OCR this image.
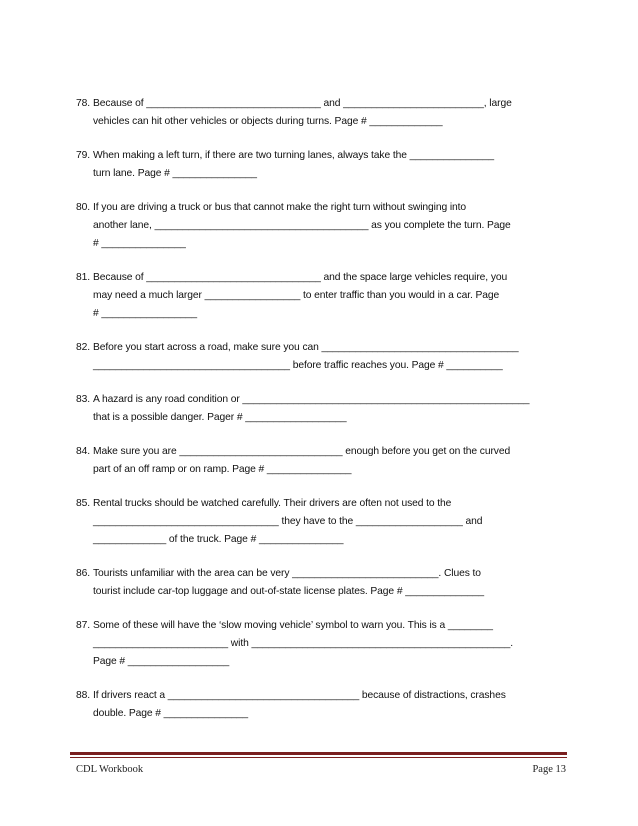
78. Because of _______________________________ and _________________________, large
vehicles can hit other vehicles or objects during turns. Page # _____________
79. When making a left turn, if there are two turning lanes, always take the _______________
turn lane. Page # _______________
80. If you are driving a truck or bus that cannot make the right turn without swinging into
another lane, ______________________________________ as you complete the turn. Page
# _______________
81. Because of _______________________________ and the space large vehicles require, you
may need a much larger _________________ to enter traffic than you would in a car. Page
# _________________
82. Before you start across a road, make sure you can ___________________________________
___________________________________ before traffic reaches you. Page # __________
83. A hazard is any road condition or ___________________________________________________
that is a possible danger. Pager # __________________
84. Make sure you are _____________________________ enough before you get on the curved
part of an off ramp or on ramp. Page # _______________
85. Rental trucks should be watched carefully. Their drivers are often not used to the
_________________________________ they have to the ___________________ and
_____________ of the truck. Page # _______________
86. Tourists unfamiliar with the area can be very __________________________. Clues to
tourist include car-top luggage and out-of-state license plates. Page # ______________
87. Some of these will have the ‘slow moving vehicle’ symbol to warn you. This is a ________
________________________ with ______________________________________________.
Page # __________________
88. If drivers react a __________________________________ because of distractions, crashes
double. Page # _______________
CDL Workbook	Page 13
